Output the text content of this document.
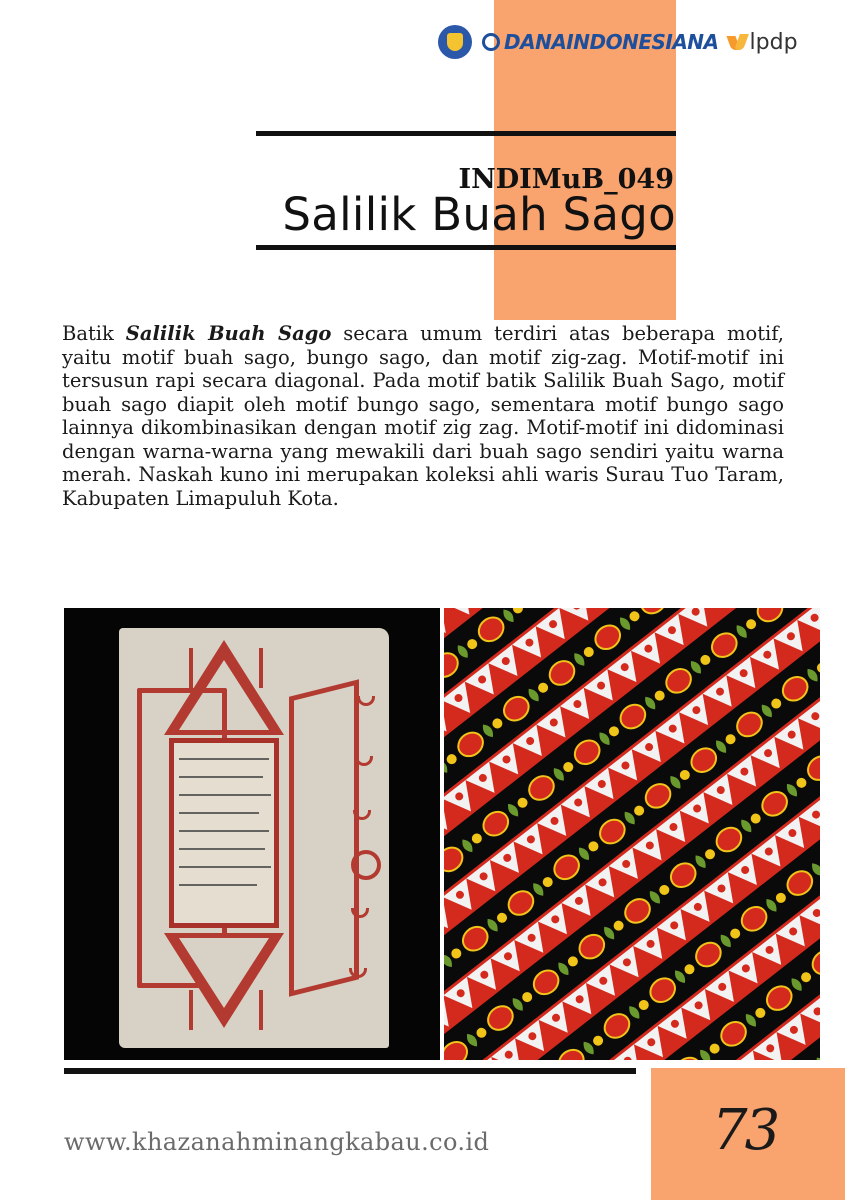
DANAINDONESIANA lpdp
INDIMuB_049
Salilik Buah Sago

Batik Salilik Buah Sago secara umum terdiri atas beberapa motif, yaitu motif buah sago, bungo sago, dan motif zig-zag. Motif-motif ini tersusun rapi secara diagonal. Pada motif batik Salilik Buah Sago, motif buah sago diapit oleh motif bungo sago, sementara motif bungo sago lainnya dikombinasikan dengan motif zig zag. Motif-motif ini didominasi dengan warna-warna yang mewakili dari buah sago sendiri yaitu warna merah. Naskah kuno ini merupakan koleksi ahli waris Surau Tuo Taram, Kabupaten Limapuluh Kota.

www.khazanahminangkabau.co.id	73
